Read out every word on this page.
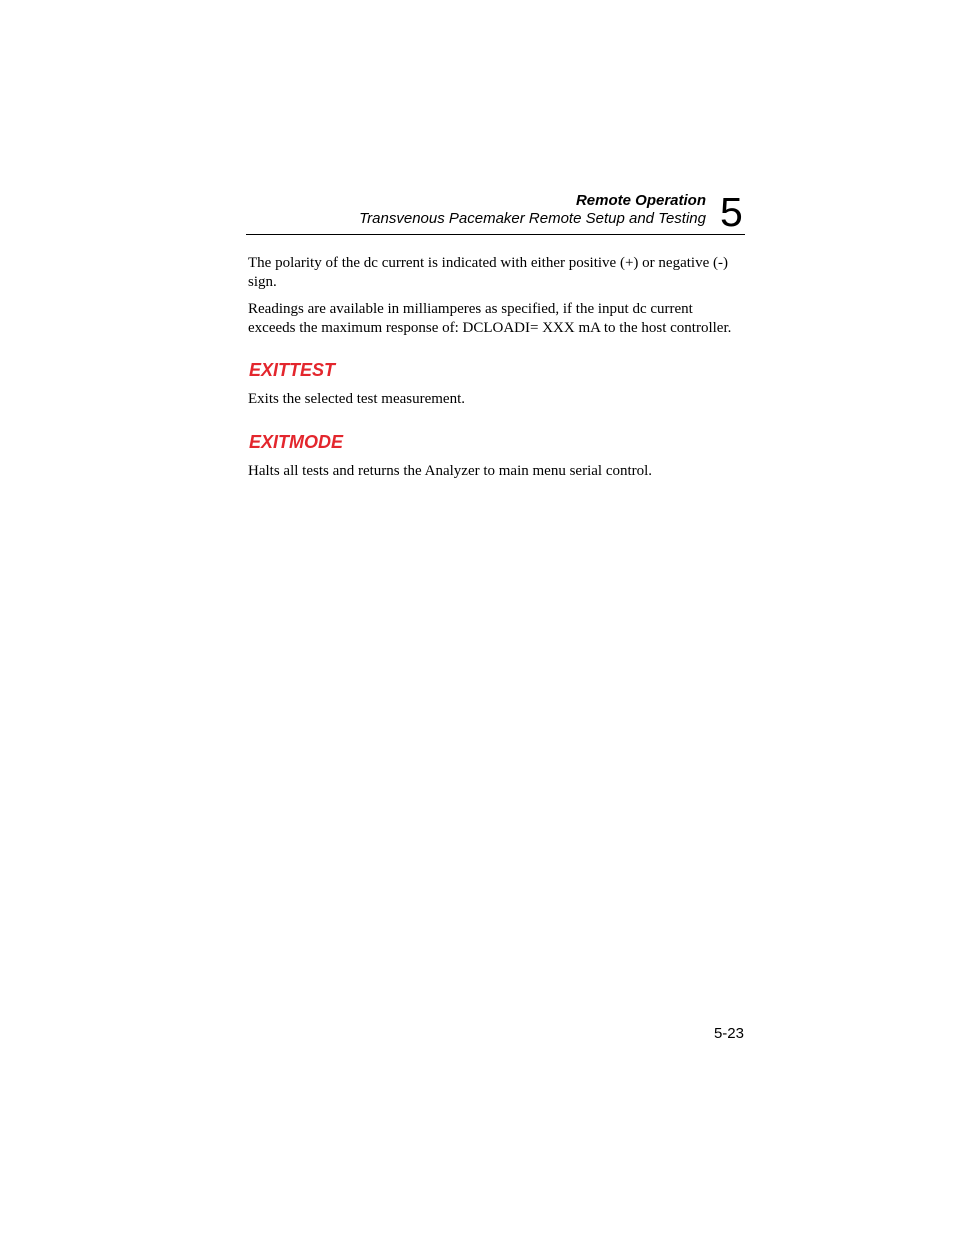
Remote Operation
Transvenous Pacemaker Remote Setup and Testing 5

The polarity of the dc current is indicated with either positive (+) or negative (-) sign.

Readings are available in milliamperes as specified, if the input dc current exceeds the maximum response of: DCLOADI= XXX mA to the host controller.

EXITTEST

Exits the selected test measurement.

EXITMODE

Halts all tests and returns the Analyzer to main menu serial control.

5-23
